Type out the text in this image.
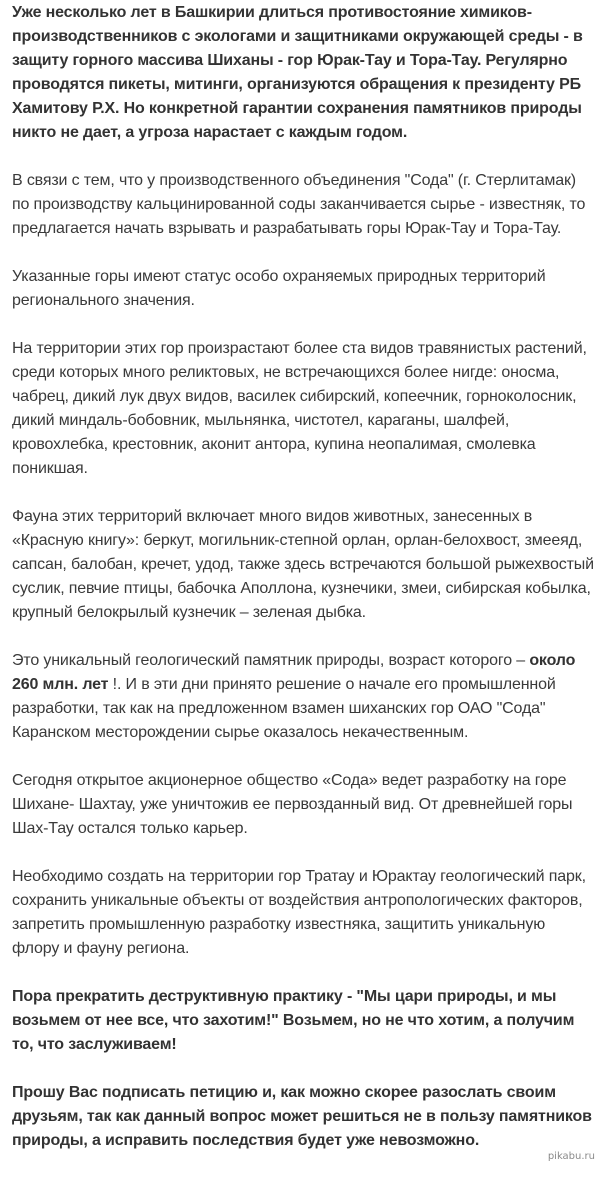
Уже несколько лет в Башкирии длиться противостояние химиков-производственников с экологами и защитниками окружающей среды - в защиту горного массива Шиханы - гор Юрак-Тау и Тора-Тау. Регулярно проводятся пикеты, митинги, организуются обращения к президенту РБ Хамитову Р.Х. Но конкретной гарантии сохранения памятников природы никто не дает, а угроза нарастает с каждым годом.

В связи с тем, что у производственного объединения "Сода" (г. Стерлитамак) по производству кальцинированной соды заканчивается сырье - известняк, то предлагается начать взрывать и разрабатывать горы Юрак-Тау и Тора-Тау.

Указанные горы имеют статус особо охраняемых природных территорий регионального значения.

На территории этих гор произрастают более ста видов травянистых растений, среди которых много реликтовых, не встречающихся более нигде: оносма, чабрец, дикий лук двух видов, василек сибирский, копеечник, горноколосник, дикий миндаль-бобовник, мыльнянка, чистотел, караганы, шалфей, кровохлебка, крестовник, аконит антора, купина неопалимая, смолевка поникшая.

Фауна этих территорий включает много видов животных, занесенных в «Красную книгу»: беркут, могильник-степной орлан, орлан-белохвост, змееяд, сапсан, балобан, кречет, удод, также здесь встречаются большой рыжехвостый суслик, певчие птицы, бабочка Аполлона, кузнечики, змеи, сибирская кобылка, крупный белокрылый кузнечик – зеленая дыбка.

Это уникальный геологический памятник природы, возраст которого – около 260 млн. лет !. И в эти дни принято решение о начале его промышленной разработки, так как на предложенном взамен шиханских гор ОАО "Сода" Каранском месторождении сырье оказалось некачественным.

Сегодня открытое акционерное общество «Сода» ведет разработку на горе Шихане- Шахтау, уже уничтожив ее первозданный вид. От древнейшей горы Шах-Тау остался только карьер.

Необходимо создать на территории гор Тратау и Юрактау геологический парк, сохранить уникальные объекты от воздействия антропологических факторов, запретить промышленную разработку известняка, защитить уникальную флору и фауну региона.

Пора прекратить деструктивную практику - "Мы цари природы, и мы возьмем от нее все, что захотим!" Возьмем, но не что хотим, а получим то, что заслуживаем!

Прошу Вас подписать петицию и, как можно скорее разослать своим друзьям, так как данный вопрос может решиться не в пользу памятников природы, а исправить последствия будет уже невозможно.

pikabu.ru
